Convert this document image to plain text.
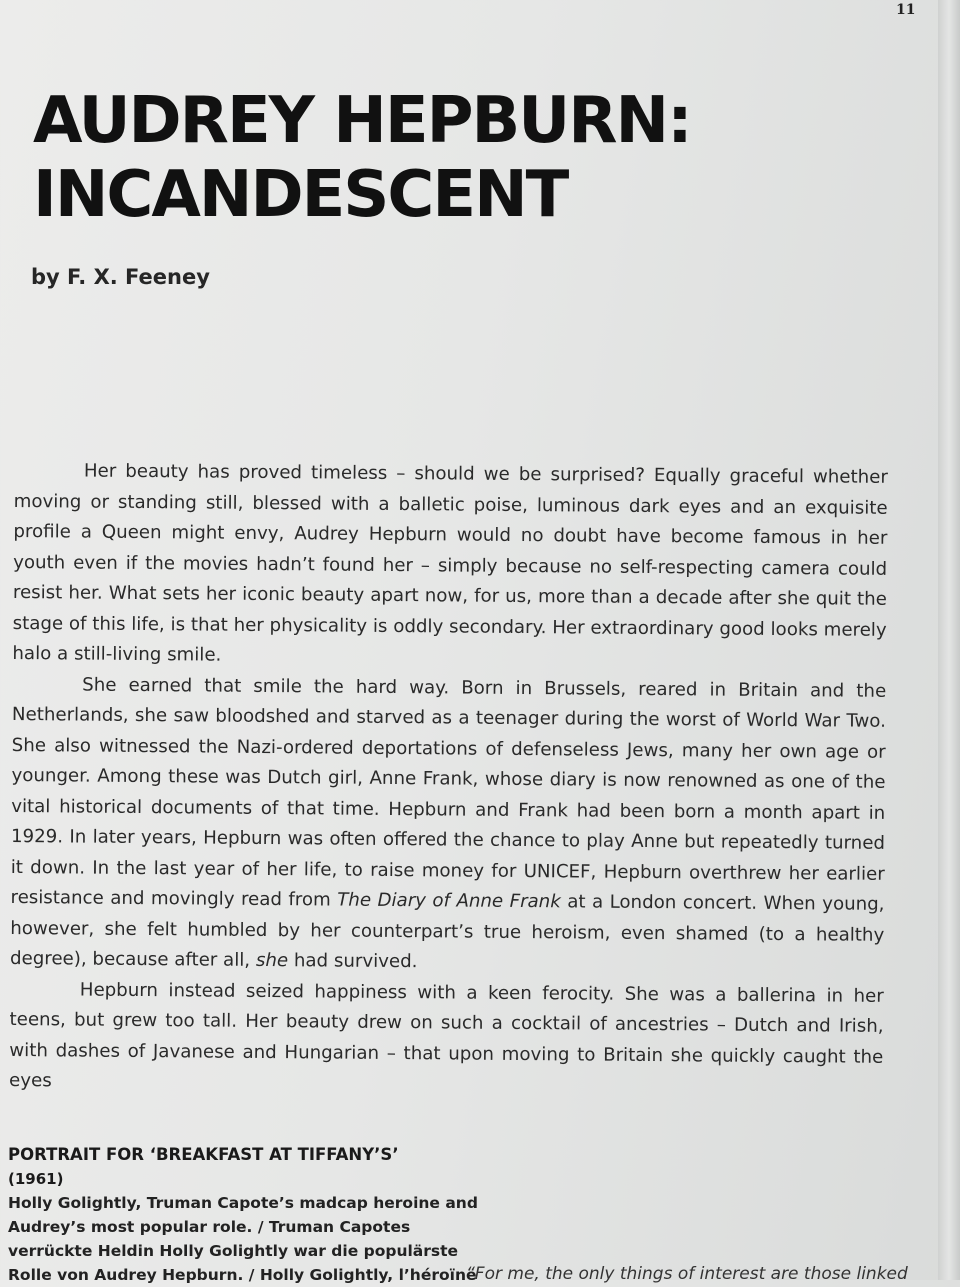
11
AUDREY HEPBURN:
INCANDESCENT
by F. X. Feeney

Her beauty has proved timeless – should we be surprised? Equally graceful whether moving or standing still, blessed with a balletic poise, luminous dark eyes and an exquisite profile a Queen might envy, Audrey Hepburn would no doubt have become famous in her youth even if the movies hadn’t found her – simply because no self-respecting camera could resist her. What sets her iconic beauty apart now, for us, more than a decade after she quit the stage of this life, is that her physicality is oddly secondary. Her extraordinary good looks merely halo a still-living smile.

She earned that smile the hard way. Born in Brussels, reared in Britain and the Netherlands, she saw bloodshed and starved as a teenager during the worst of World War Two. She also witnessed the Nazi-ordered deportations of defenseless Jews, many her own age or younger. Among these was Dutch girl, Anne Frank, whose diary is now renowned as one of the vital historical documents of that time. Hepburn and Frank had been born a month apart in 1929. In later years, Hepburn was often offered the chance to play Anne but repeatedly turned it down. In the last year of her life, to raise money for UNICEF, Hepburn overthrew her earlier resistance and movingly read from The Diary of Anne Frank at a London concert. When young, however, she felt humbled by her counterpart’s true heroism, even shamed (to a healthy degree), because after all, she had survived.

Hepburn instead seized happiness with a keen ferocity. She was a ballerina in her teens, but grew too tall. Her beauty drew on such a cocktail of ancestries – Dutch and Irish, with dashes of Javanese and Hungarian – that upon moving to Britain she quickly caught the eyes

PORTRAIT FOR ‘BREAKFAST AT TIFFANY’S’
(1961)
Holly Golightly, Truman Capote’s madcap heroine and
Audrey’s most popular role. / Truman Capotes
verrückte Heldin Holly Golightly war die populärste
Rolle von Audrey Hepburn. / Holly Golightly, l’héroïne
“For me, the only things of interest are those linked
